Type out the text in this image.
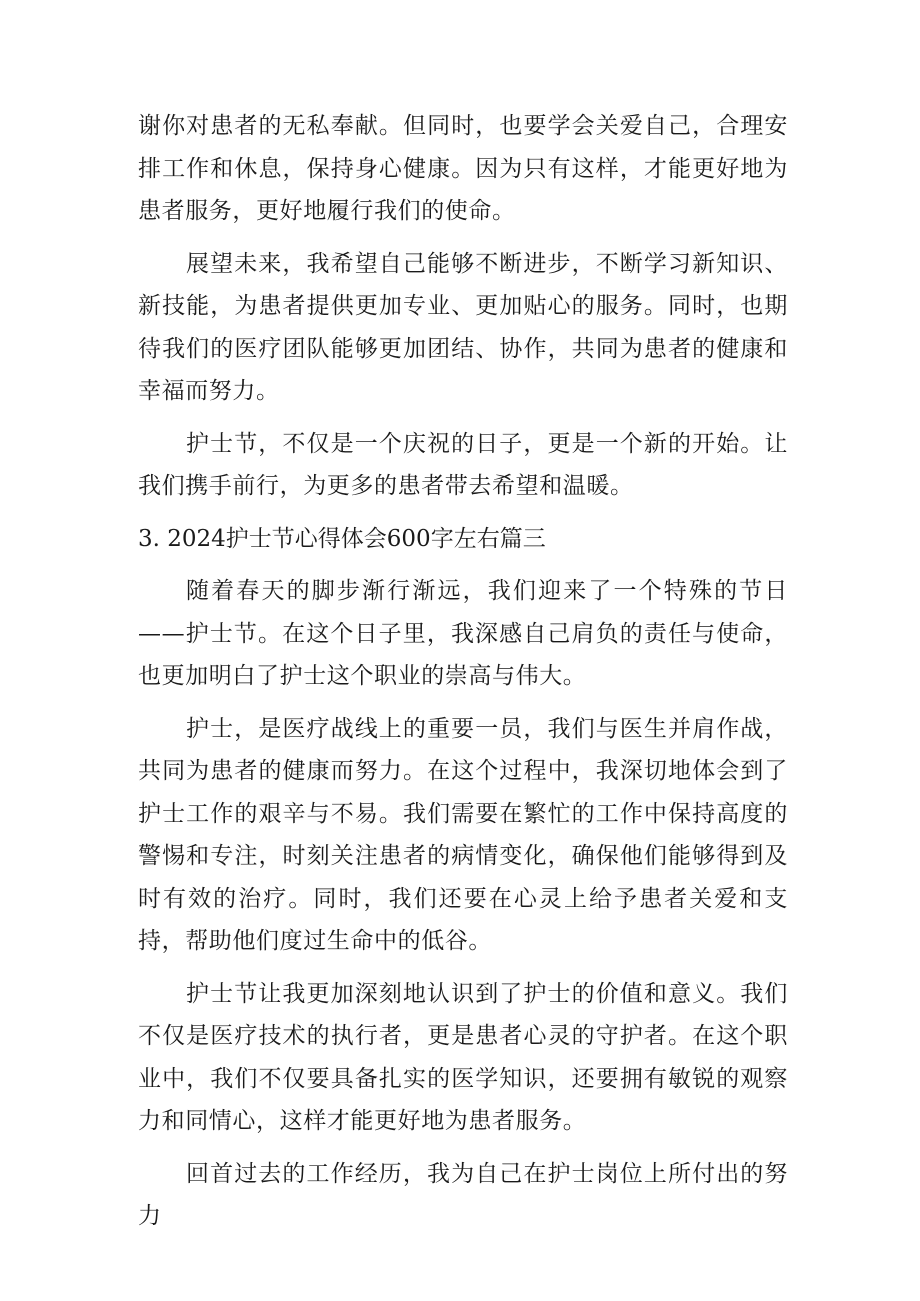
谢你对患者的无私奉献。但同时，也要学会关爱自己，合理安排工作和休息，保持身心健康。因为只有这样，才能更好地为患者服务，更好地履行我们的使命。

展望未来，我希望自己能够不断进步，不断学习新知识、新技能，为患者提供更加专业、更加贴心的服务。同时，也期待我们的医疗团队能够更加团结、协作，共同为患者的健康和幸福而努力。

护士节，不仅是一个庆祝的日子，更是一个新的开始。让我们携手前行，为更多的患者带去希望和温暖。

3. 2024护士节心得体会600字左右篇三

随着春天的脚步渐行渐远，我们迎来了一个特殊的节日——护士节。在这个日子里，我深感自己肩负的责任与使命，也更加明白了护士这个职业的崇高与伟大。

护士，是医疗战线上的重要一员，我们与医生并肩作战，共同为患者的健康而努力。在这个过程中，我深切地体会到了护士工作的艰辛与不易。我们需要在繁忙的工作中保持高度的警惕和专注，时刻关注患者的病情变化，确保他们能够得到及时有效的治疗。同时，我们还要在心灵上给予患者关爱和支持，帮助他们度过生命中的低谷。

护士节让我更加深刻地认识到了护士的价值和意义。我们不仅是医疗技术的执行者，更是患者心灵的守护者。在这个职业中，我们不仅要具备扎实的医学知识，还要拥有敏锐的观察力和同情心，这样才能更好地为患者服务。

回首过去的工作经历，我为自己在护士岗位上所付出的努力
